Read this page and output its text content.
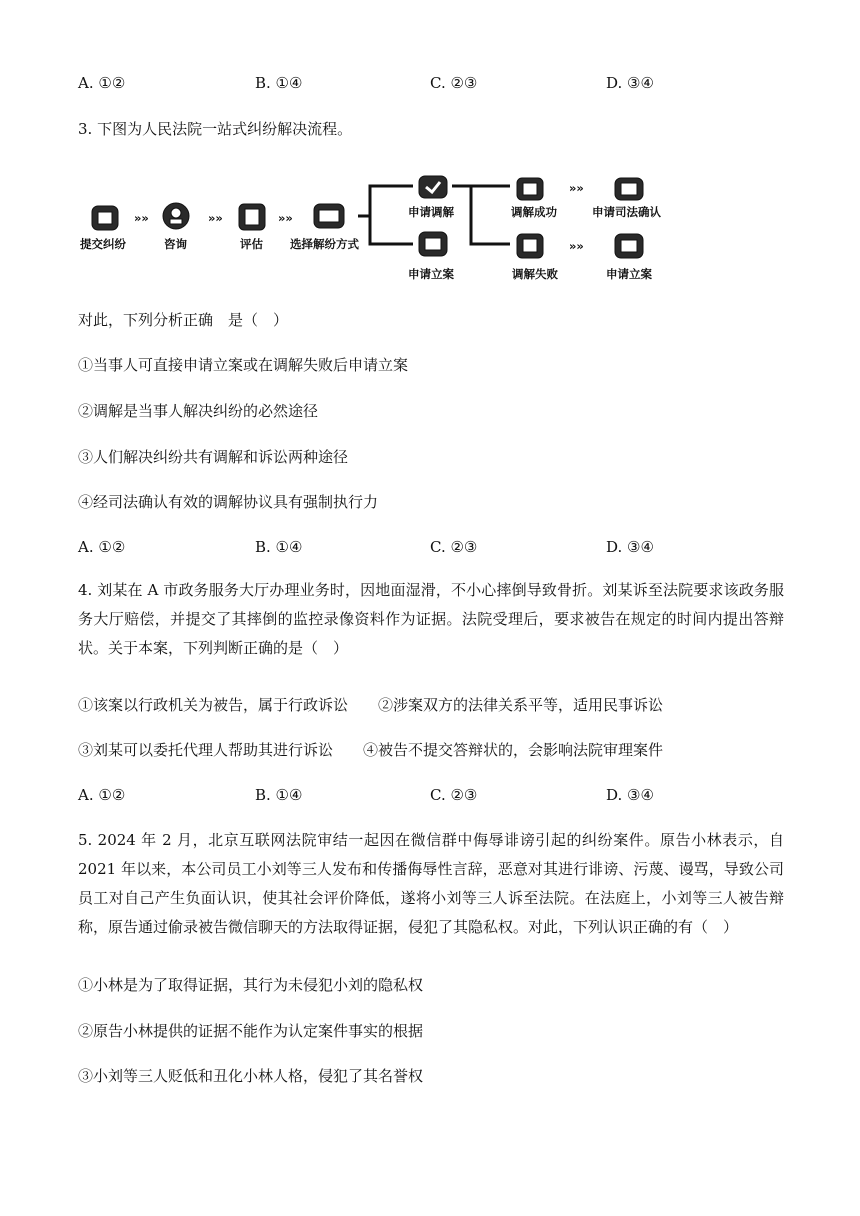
A. ①②	B. ①④	C. ②③	D. ③④
3. 下图为人民法院一站式纠纷解决流程。
»»	»»	»»
»»
»»
提交纠纷	咨询	评估 选择解纷方式
申请调解	调解成功	申请司法确认
申请立案	调解失败	申请立案
对此，下列分析正确　是（　）
①当事人可直接申请立案或在调解失败后申请立案
②调解是当事人解决纠纷的必然途径
③人们解决纠纷共有调解和诉讼两种途径
④经司法确认有效的调解协议具有强制执行力
A. ①②	B. ①④	C. ②③	D. ③④
4. 刘某在 A 市政务服务大厅办理业务时，因地面湿滑，不小心摔倒导致骨折。刘某诉至法院要求该政务服务大厅赔偿，并提交了其摔倒的监控录像资料作为证据。法院受理后，要求被告在规定的时间内提出答辩状。关于本案，下列判断正确的是（　）
①该案以行政机关为被告，属于行政诉讼 ②涉案双方的法律关系平等，适用民事诉讼
③刘某可以委托代理人帮助其进行诉讼 ④被告不提交答辩状的，会影响法院审理案件
A. ①②	B. ①④	C. ②③	D. ③④
5. 2024 年 2 月，北京互联网法院审结一起因在微信群中侮辱诽谤引起的纠纷案件。原告小林表示，自 2021 年以来，本公司员工小刘等三人发布和传播侮辱性言辞，恶意对其进行诽谤、污蔑、谩骂，导致公司员工对自己产生负面认识，使其社会评价降低，遂将小刘等三人诉至法院。在法庭上，小刘等三人被告辩称，原告通过偷录被告微信聊天的方法取得证据，侵犯了其隐私权。对此，下列认识正确的有（　）
①小林是为了取得证据，其行为未侵犯小刘的隐私权
②原告小林提供的证据不能作为认定案件事实的根据
③小刘等三人贬低和丑化小林人格，侵犯了其名誉权
